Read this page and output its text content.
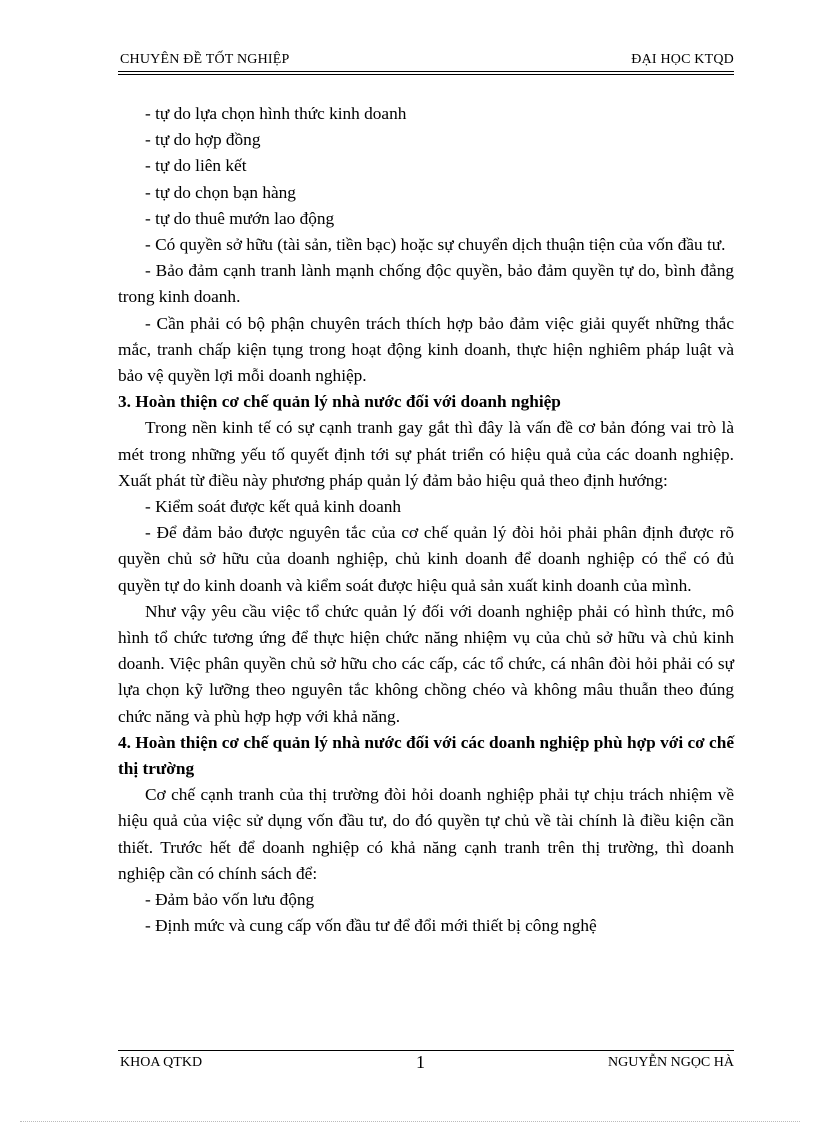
CHUYÊN ĐỀ TỐT NGHIỆP	ĐẠI HỌC KTQD

- tự do lựa chọn hình thức kinh doanh

- tự do hợp đồng

- tự do liên kết

- tự do chọn bạn hàng

- tự do thuê mướn lao động

- Có quyền sở hữu (tài sản, tiền bạc) hoặc sự chuyển dịch thuận tiện của vốn đầu tư.

- Bảo đảm cạnh tranh lành mạnh chống độc quyền, bảo đảm quyền tự do, bình đẳng trong kinh doanh.

- Cần phải có bộ phận chuyên trách thích hợp bảo đảm việc giải quyết những thắc mắc, tranh chấp kiện tụng trong hoạt động kinh doanh, thực hiện nghiêm pháp luật và bảo vệ quyền lợi mỗi doanh nghiệp.

3. Hoàn thiện cơ chế quản lý nhà nước đối với doanh nghiệp

Trong nền kinh tế có sự cạnh tranh gay gắt thì đây là vấn đề cơ bản đóng vai trò là mét trong những yếu tố quyết định tới sự phát triển có hiệu quả của các doanh nghiệp. Xuất phát từ điều này phương pháp quản lý đảm bảo hiệu quả theo định hướng:

- Kiểm soát được kết quả kinh doanh

- Để đảm bảo được nguyên tắc của cơ chế quản lý đòi hỏi phải phân định được rõ quyền chủ sở hữu của doanh nghiệp, chủ kinh doanh để doanh nghiệp có thể có đủ quyền tự do kinh doanh và kiểm soát được hiệu quả sản xuất kinh doanh của mình.

Như vậy yêu cầu việc tổ chức quản lý đối với doanh nghiệp phải có hình thức, mô hình tổ chức tương ứng để thực hiện chức năng nhiệm vụ của chủ sở hữu và chủ kinh doanh. Việc phân quyền chủ sở hữu cho các cấp, các tổ chức, cá nhân đòi hỏi phải có sự lựa chọn kỹ lưỡng theo nguyên tắc không chồng chéo và không mâu thuẫn theo đúng chức năng và phù hợp hợp với khả năng.

4. Hoàn thiện cơ chế quản lý nhà nước đối với các doanh nghiệp phù hợp với cơ chế thị trường

Cơ chế cạnh tranh của thị trường đòi hỏi doanh nghiệp phải tự chịu trách nhiệm về hiệu quả của việc sử dụng vốn đầu tư, do đó quyền tự chủ về tài chính là điều kiện cần thiết. Trước hết để doanh nghiệp có khả năng cạnh tranh trên thị trường, thì doanh nghiệp cần có chính sách để:

- Đảm bảo vốn lưu động

- Định mức và cung cấp vốn đầu tư để đổi mới thiết bị công nghệ

KHOA QTKD	1	NGUYỄN NGỌC HÀ
